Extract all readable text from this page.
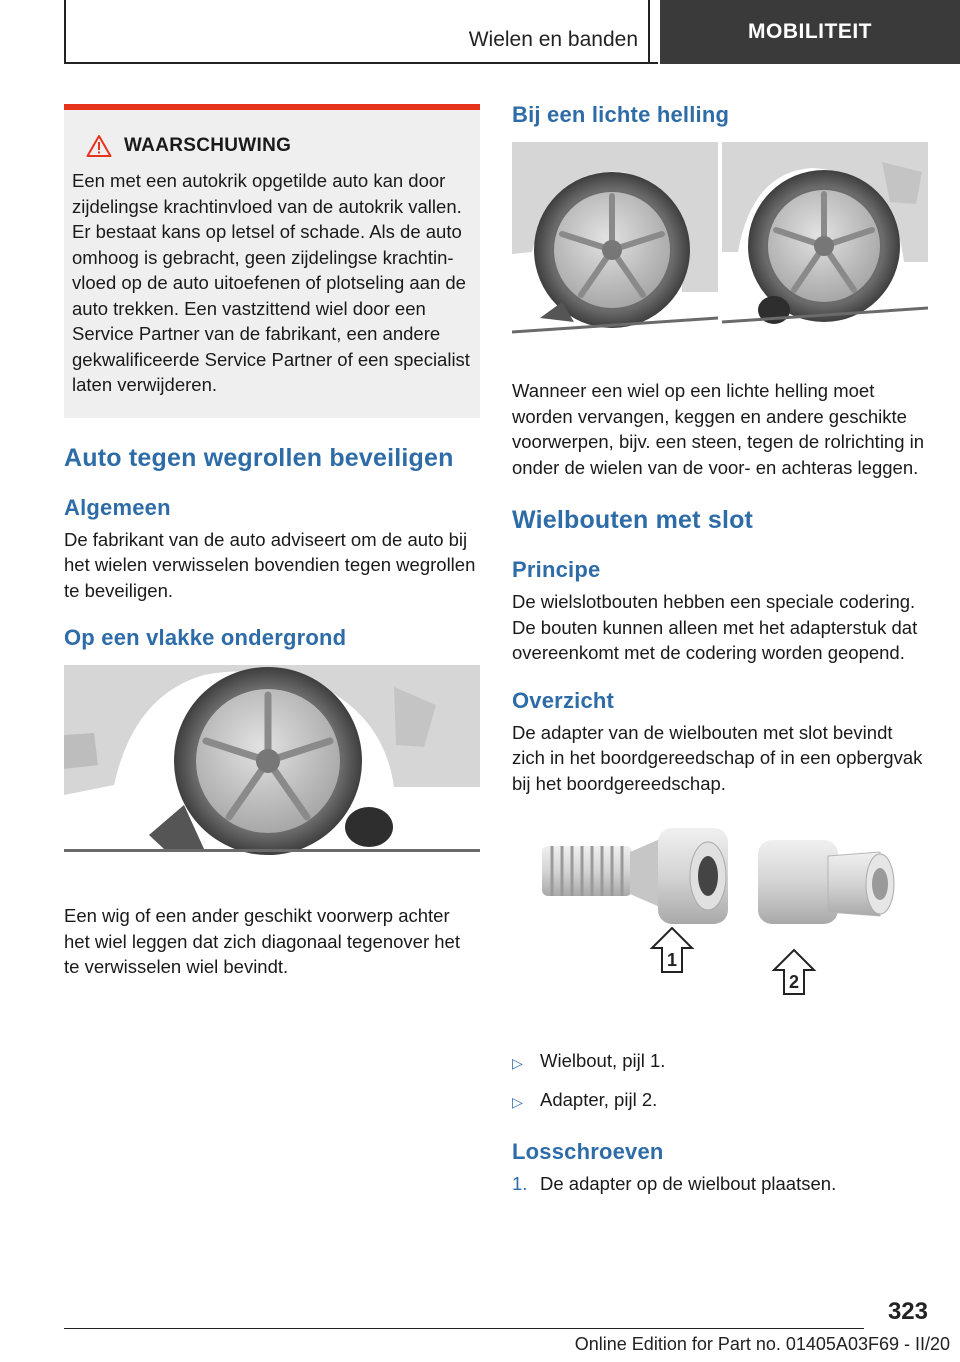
Wielen en banden	MOBILITEIT
WAARSCHUWING

Een met een autokrik opgetilde auto kan door zijdelingse krachtinvloed van de autokrik vallen. Er bestaat kans op letsel of schade. Als de auto omhoog is gebracht, geen zijdelingse krachtinvloed op de auto uitoefenen of plotseling aan de auto trekken. Een vastzittend wiel door een Service Partner van de fabrikant, een andere gekwalificeerde Service Partner of een specialist laten verwijderen.

Auto tegen wegrollen beveiligen
Algemeen

De fabrikant van de auto adviseert om de auto bij het wielen verwisselen bovendien tegen wegrollen te beveiligen.

Op een vlakke ondergrond

Een wig of een ander geschikt voorwerp achter het wiel leggen dat zich diagonaal tegenover het te verwisselen wiel bevindt.

Bij een lichte helling

Wanneer een wiel op een lichte helling moet worden vervangen, keggen en andere geschikte voorwerpen, bijv. een steen, tegen de rolrichting in onder de wielen van de voor- en achteras leggen.

Wielbouten met slot
Principe

De wielslotbouten hebben een speciale codering. De bouten kunnen alleen met het adapterstuk dat overeenkomt met de codering worden geopend.

Overzicht

De adapter van de wielbouten met slot bevindt zich in het boordgereedschap of in een opbergvak bij het boordgereedschap.

1
2
▷ Wielbout, pijl 1.
▷ Adapter, pijl 2.
Losschroeven
1. De adapter op de wielbout plaatsen.
323
Online Edition for Part no. 01405A03F69 - II/20
